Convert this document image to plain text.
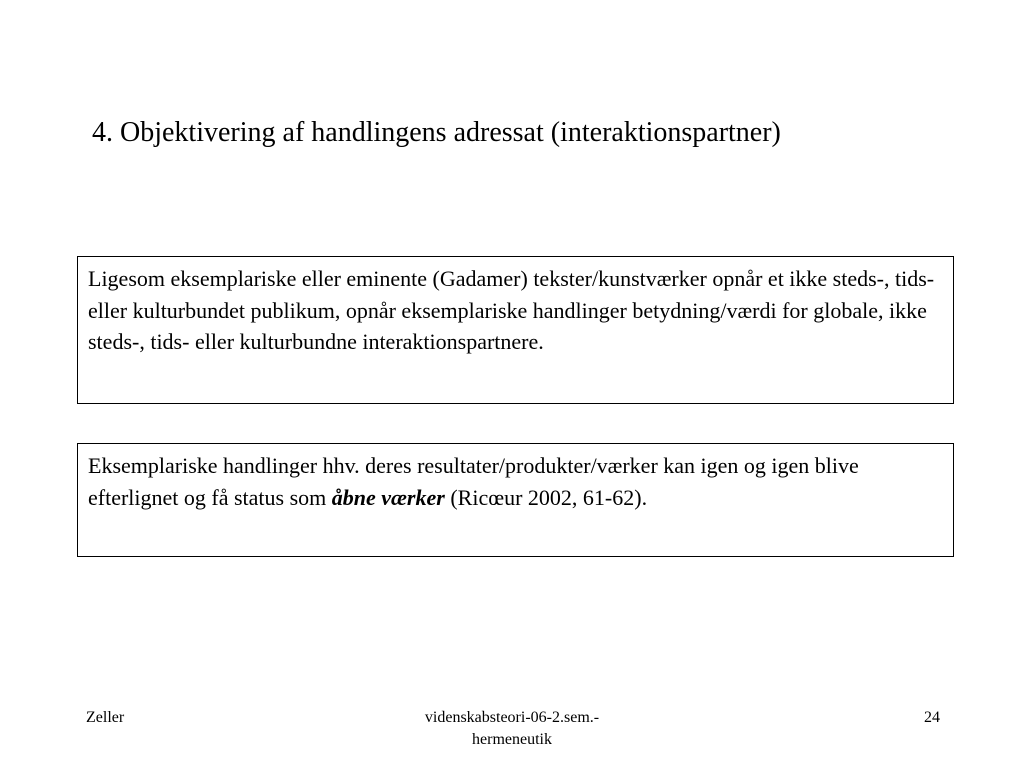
4. Objektivering af handlingens adressat (interaktionspartner)
Ligesom eksemplariske eller eminente (Gadamer) tekster/kunstværker opnår et ikke steds-, tids- eller kulturbundet publikum, opnår eksemplariske handlinger betydning/værdi for globale, ikke steds-, tids- eller kulturbundne interaktionspartnere.
Eksemplariske handlinger hhv. deres resultater/produkter/værker kan igen og igen blive efterlignet og få status som åbne værker (Ricœur 2002, 61-62).
Zeller	videnskabsteori-06-2.sem.-
hermeneutik
24
